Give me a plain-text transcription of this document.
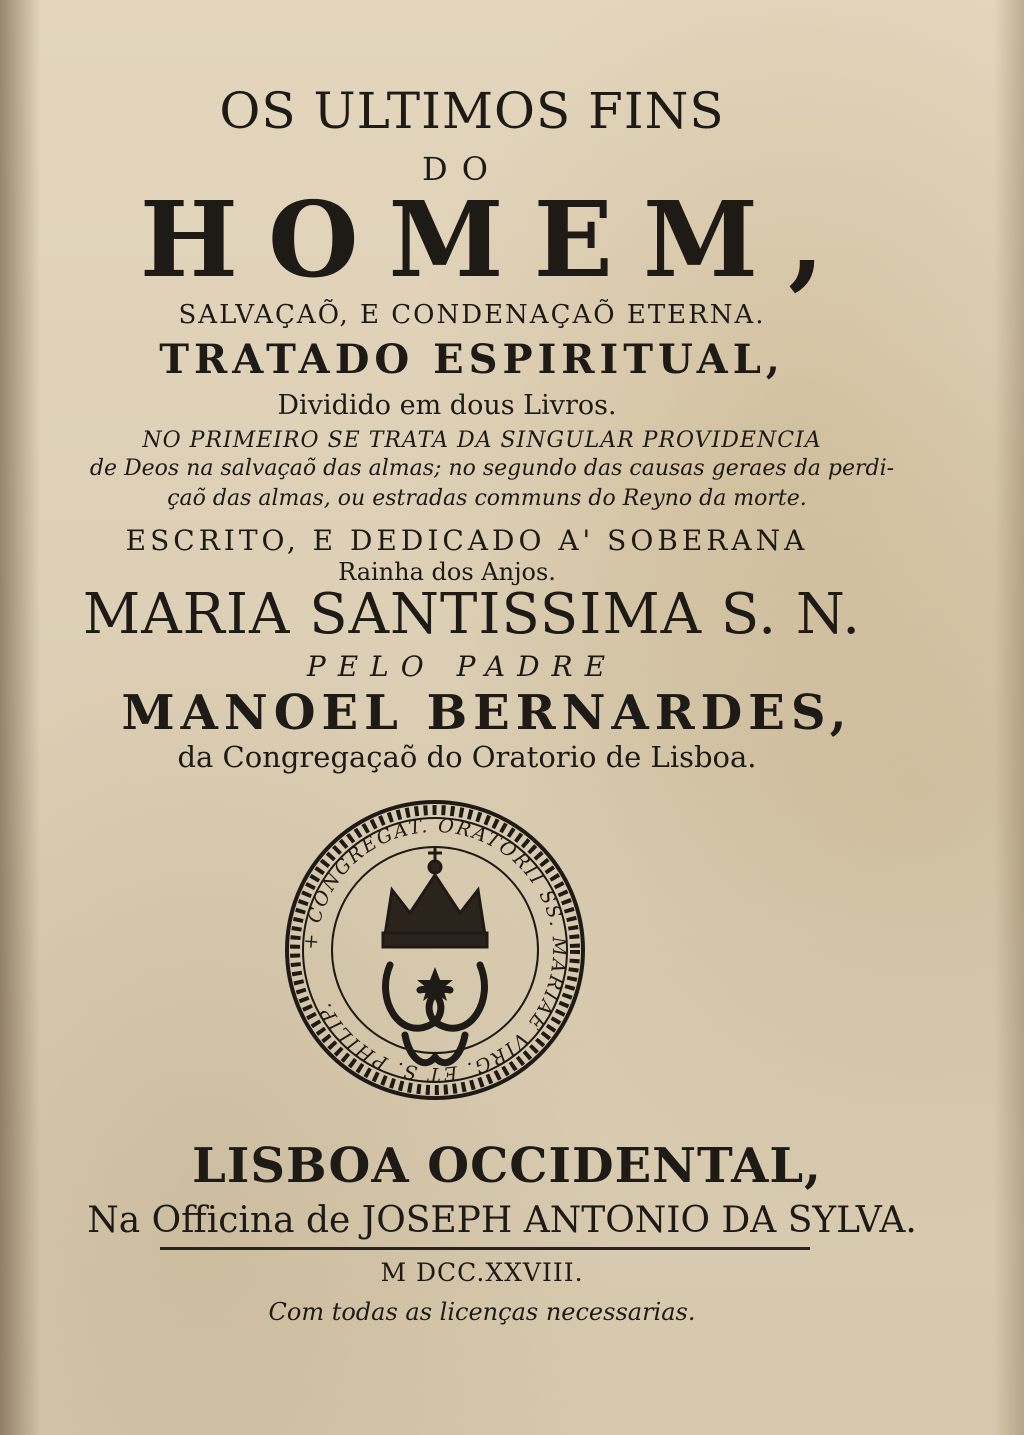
OS ULTIMOS FINS
DO
HOMEM,
SALVAÇAÕ, E CONDENAÇAÕ ETERNA.
TRATADO ESPIRITUAL,
Dividido em dous Livros.
NO PRIMEIRO SE TRATA DA SINGULAR PROVIDENCIA
de Deos na salvaçaõ das almas; no segundo das causas geraes da perdi-
çaõ das almas, ou estradas communs do Reyno da morte.
ESCRITO, E DEDICADO A' SOBERANA
Rainha dos Anjos.
MARIA SANTISSIMA S. N.
PELO PADRE
MANOEL BERNARDES,
da Congregaçaõ do Oratorio de Lisboa.
+ CONGREGAT. ORATORII SS. MARIAE VIRG. ET S. PHILIP.
LISBOA OCCIDENTAL,
Na Officina de JOSEPH ANTONIO DA SYLVA.
M DCC.XXVIII.
Com todas as licenças necessarias.
